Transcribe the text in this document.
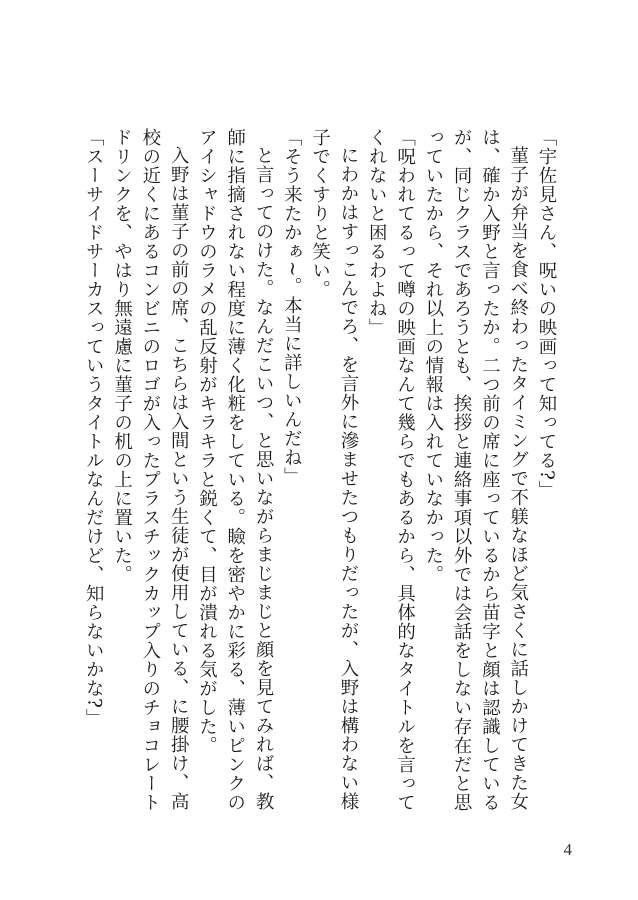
「宇佐見さん、呪いの映画って知ってる?」

菫子が弁当を食べ終わったタイミングで不躾なほど気さくに話しかけてきた女は、確か入野と言ったか。二つ前の席に座っているから苗字と顔は認識しているが、同じクラスであろうとも、挨拶と連絡事項以外では会話をしない存在だと思っていたから、それ以上の情報は入れていなかった。

「呪われてるって噂の映画なんて幾らでもあるから、具体的なタイトルを言ってくれないと困るわよね」

にわかはすっこんでろ、を言外に滲ませたつもりだったが、入野は構わない様子でくすりと笑い。

「そう来たかぁ~。本当に詳しいんだね」

と言ってのけた。なんだこいつ、と思いながらまじまじと顔を見てみれば、教師に指摘されない程度に薄く化粧をしている。瞼を密やかに彩る、薄いピンクのアイシャドウのラメの乱反射がキラキラと鋭くて、目が潰れる気がした。

入野は菫子の前の席、こちらは入間という生徒が使用している、に腰掛け、高校の近くにあるコンビニのロゴが入ったプラスチックカップ入りのチョコレートドリンクを、やはり無遠慮に菫子の机の上に置いた。

「スーサイドサーカスっていうタイトルなんだけど、知らないかな?」

4
